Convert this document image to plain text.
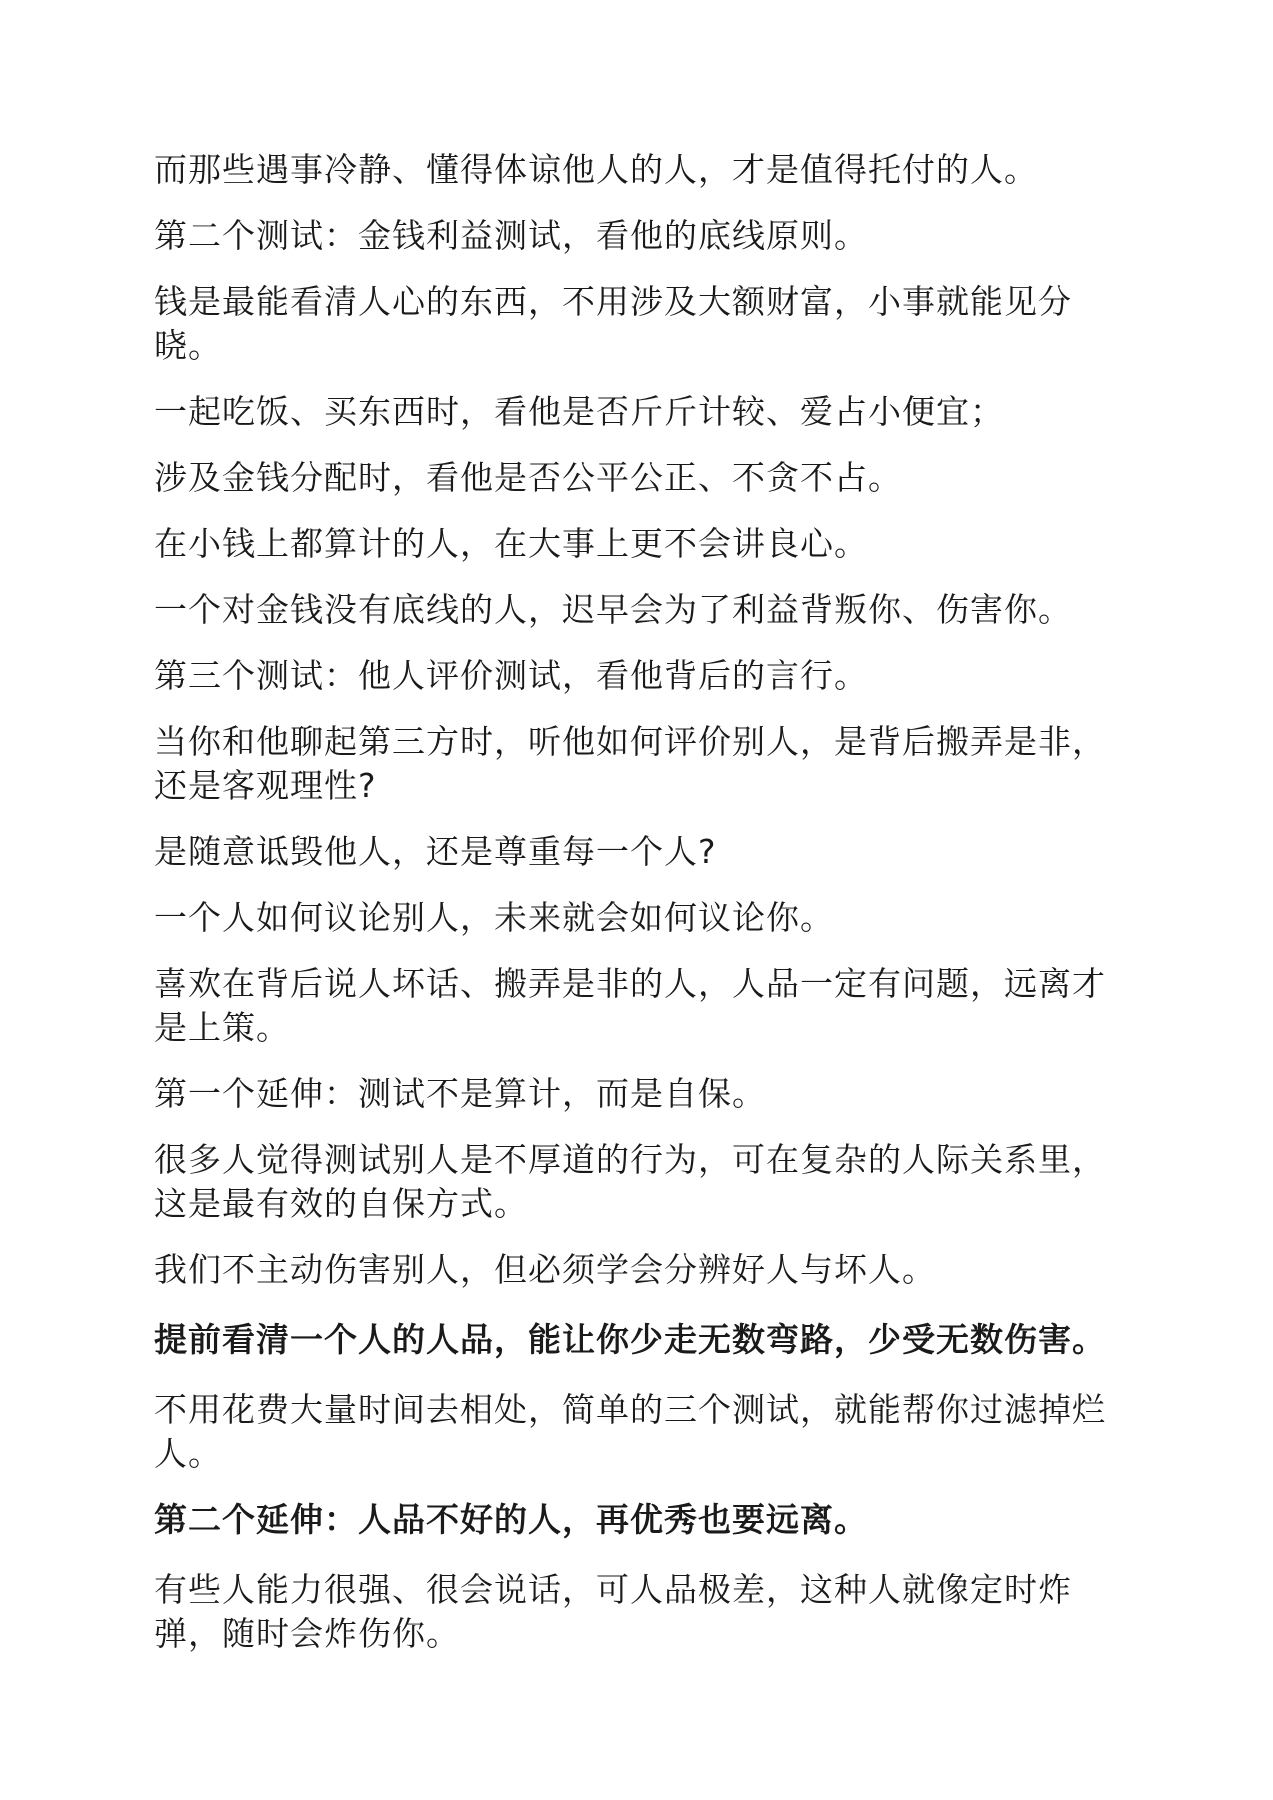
而那些遇事冷静、懂得体谅他人的人，才是值得托付的人。

第二个测试：金钱利益测试，看他的底线原则。

钱是最能看清人心的东西，不用涉及大额财富，小事就能见分晓。

一起吃饭、买东西时，看他是否斤斤计较、爱占小便宜；

涉及金钱分配时，看他是否公平公正、不贪不占。

在小钱上都算计的人，在大事上更不会讲良心。

一个对金钱没有底线的人，迟早会为了利益背叛你、伤害你。

第三个测试：他人评价测试，看他背后的言行。

当你和他聊起第三方时，听他如何评价别人，是背后搬弄是非，还是客观理性?

是随意诋毁他人，还是尊重每一个人?

一个人如何议论别人，未来就会如何议论你。

喜欢在背后说人坏话、搬弄是非的人，人品一定有问题，远离才是上策。

第一个延伸：测试不是算计，而是自保。

很多人觉得测试别人是不厚道的行为，可在复杂的人际关系里，这是最有效的自保方式。

我们不主动伤害别人，但必须学会分辨好人与坏人。

提前看清一个人的人品，能让你少走无数弯路，少受无数伤害。

不用花费大量时间去相处，简单的三个测试，就能帮你过滤掉烂人。

第二个延伸：人品不好的人，再优秀也要远离。

有些人能力很强、很会说话，可人品极差，这种人就像定时炸弹，随时会炸伤你。
